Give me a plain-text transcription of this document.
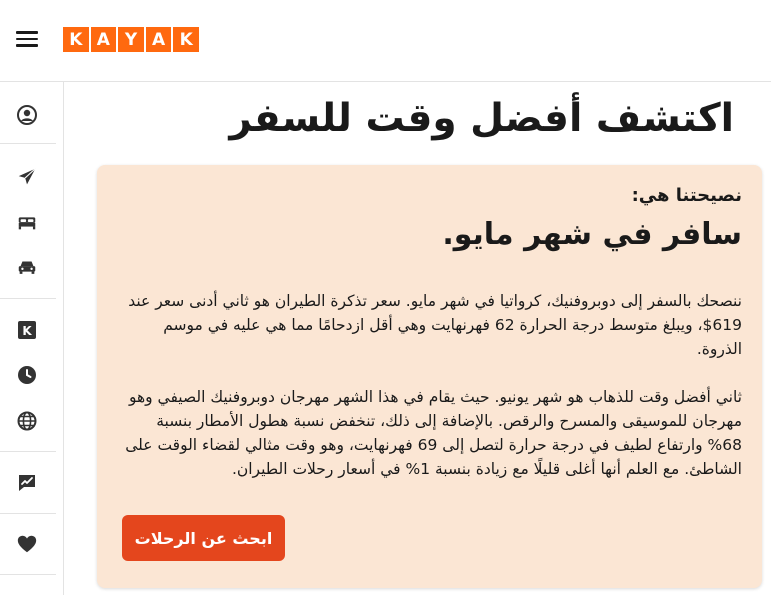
K A Y A K
K
اكتشف أفضل وقت للسفر
نصيحتنا هي:
سافر في شهر مايو.

ننصحك بالسفر إلى دوبروفنيك، كرواتيا في شهر مايو. سعر تذكرة الطيران هو ثاني أدنى سعر عند 619$، ويبلغ متوسط درجة الحرارة 62 فهرنهايت وهي أقل ازدحامًا مما هي عليه في موسم الذروة.

ثاني أفضل وقت للذهاب هو شهر يونيو. حيث يقام في هذا الشهر مهرجان دوبروفنيك الصيفي وهو مهرجان للموسيقى والمسرح والرقص. بالإضافة إلى ذلك، تنخفض نسبة هطول الأمطار بنسبة 68% وارتفاع لطيف في درجة حرارة لتصل إلى 69 فهرنهايت، وهو وقت مثالي لقضاء الوقت على الشاطئ. مع العلم أنها أغلى قليلًا مع زيادة بنسبة 1% في أسعار رحلات الطيران.

ابحث عن الرحلات
